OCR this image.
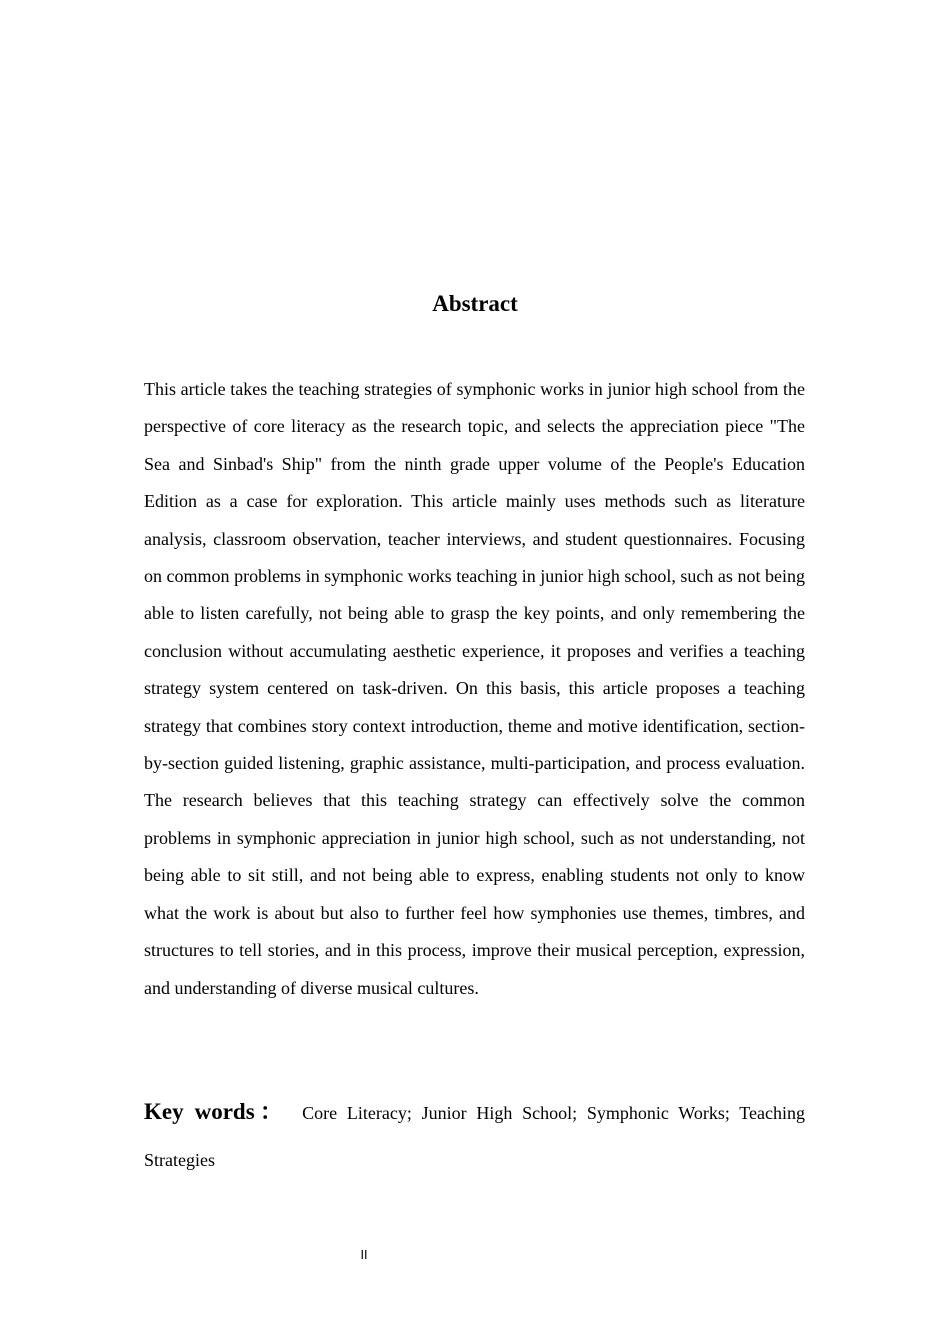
Abstract

This article takes the teaching strategies of symphonic works in junior high school from the perspective of core literacy as the research topic, and selects the appreciation piece "The Sea and Sinbad's Ship" from the ninth grade upper volume of the People's Education Edition as a case for exploration. This article mainly uses methods such as literature analysis, classroom observation, teacher interviews, and student questionnaires. Focusing on common problems in symphonic works teaching in junior high school, such as not being able to listen carefully, not being able to grasp the key points, and only remembering the conclusion without accumulating aesthetic experience, it proposes and verifies a teaching strategy system centered on task-driven. On this basis, this article proposes a teaching strategy that combines story context introduction, theme and motive identification, section-by-section guided listening, graphic assistance, multi-participation, and process evaluation. The research believes that this teaching strategy can effectively solve the common problems in symphonic appreciation in junior high school, such as not understanding, not being able to sit still, and not being able to express, enabling students not only to know what the work is about but also to further feel how symphonies use themes, timbres, and structures to tell stories, and in this process, improve their musical perception, expression, and understanding of diverse musical cultures.

Key words： Core Literacy; Junior High School; Symphonic Works; Teaching Strategies

II
